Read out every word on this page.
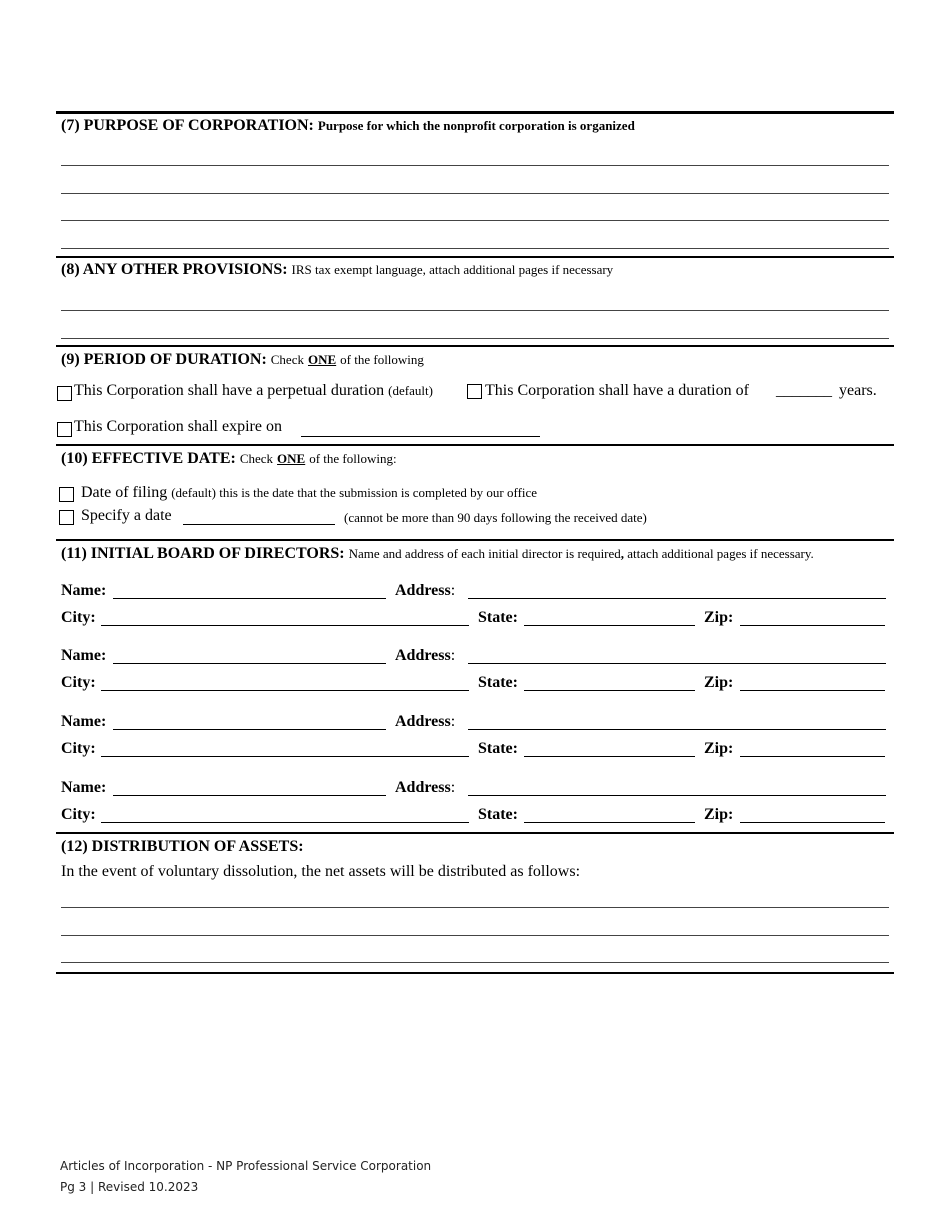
(7) PURPOSE OF CORPORATION: Purpose for which the nonprofit corporation is organized
(8) ANY OTHER PROVISIONS: IRS tax exempt language, attach additional pages if necessary
(9) PERIOD OF DURATION: Check ONE of the following
This Corporation shall have a perpetual duration (default)	This Corporation shall have a duration of _______ years.
This Corporation shall expire on
(10) EFFECTIVE DATE: Check ONE of the following:
Date of filing (default) this is the date that the submission is completed by our office
Specify a date	(cannot be more than 90 days following the received date)
(11) INITIAL BOARD OF DIRECTORS: Name and address of each initial director is required, attach additional pages if necessary.
Name:	Address:
City:	State:	Zip:
Name:	Address:
City:	State:	Zip:
Name:	Address:
City:	State:	Zip:
Name:	Address:
City:	State:	Zip:
(12) DISTRIBUTION OF ASSETS:
In the event of voluntary dissolution, the net assets will be distributed as follows:
Articles of Incorporation - NP Professional Service Corporation
Pg 3 | Revised 10.2023
